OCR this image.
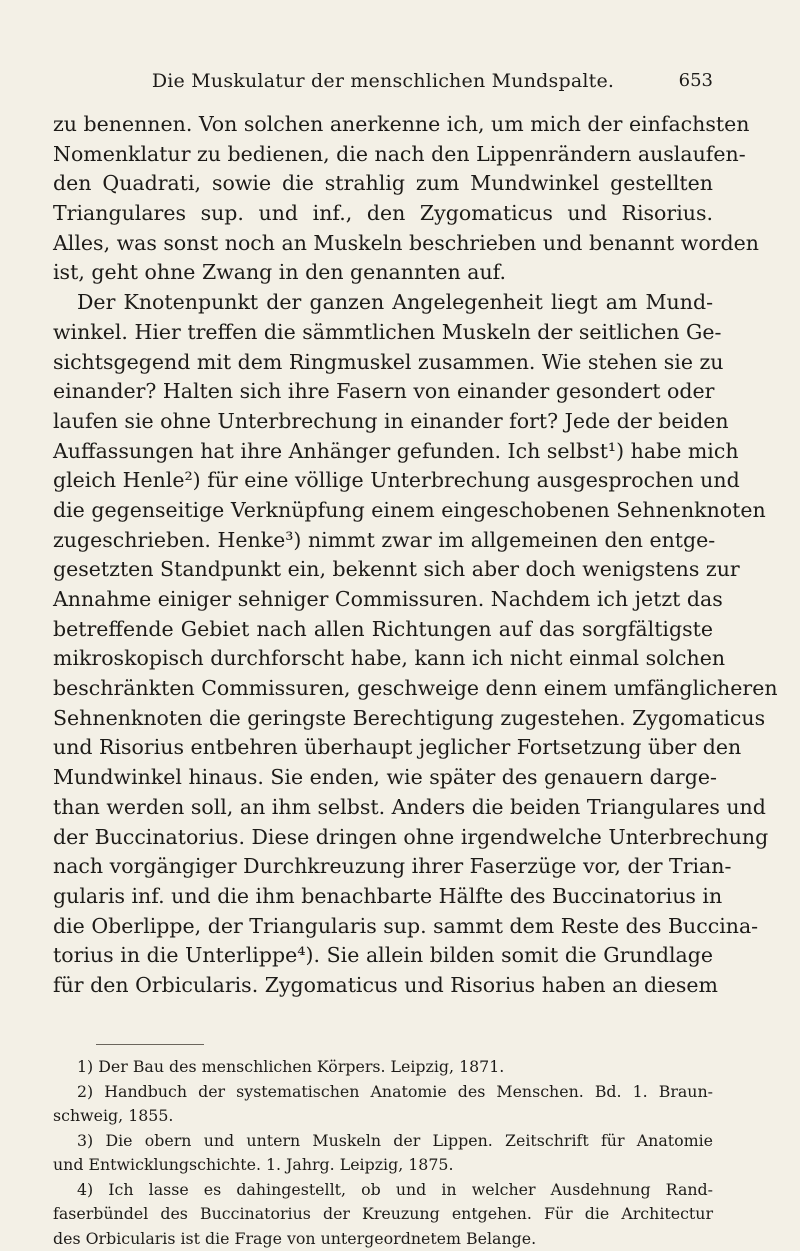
Die Muskulatur der menschlichen Mundspalte.	653
zu benennen. Von solchen anerkenne ich, um mich der einfachsten
Nomenklatur zu bedienen, die nach den Lippenrändern auslaufen-
den Quadrati, sowie die strahlig zum Mundwinkel gestellten
Triangulares sup. und inf., den Zygomaticus und Risorius.
Alles, was sonst noch an Muskeln beschrieben und benannt worden
ist, geht ohne Zwang in den genannten auf.
Der Knotenpunkt der ganzen Angelegenheit liegt am Mund-
winkel. Hier treffen die sämmtlichen Muskeln der seitlichen Ge-
sichtsgegend mit dem Ringmuskel zusammen. Wie stehen sie zu
einander? Halten sich ihre Fasern von einander gesondert oder
laufen sie ohne Unterbrechung in einander fort? Jede der beiden
Auffassungen hat ihre Anhänger gefunden. Ich selbst¹) habe mich
gleich Henle²) für eine völlige Unterbrechung ausgesprochen und
die gegenseitige Verknüpfung einem eingeschobenen Sehnenknoten
zugeschrieben. Henke³) nimmt zwar im allgemeinen den entge-
gesetzten Standpunkt ein, bekennt sich aber doch wenigstens zur
Annahme einiger sehniger Commissuren. Nachdem ich jetzt das
betreffende Gebiet nach allen Richtungen auf das sorgfältigste
mikroskopisch durchforscht habe, kann ich nicht einmal solchen
beschränkten Commissuren, geschweige denn einem umfänglicheren
Sehnenknoten die geringste Berechtigung zugestehen. Zygomaticus
und Risorius entbehren überhaupt jeglicher Fortsetzung über den
Mundwinkel hinaus. Sie enden, wie später des genauern darge-
than werden soll, an ihm selbst. Anders die beiden Triangulares und
der Buccinatorius. Diese dringen ohne irgendwelche Unterbrechung
nach vorgängiger Durchkreuzung ihrer Faserzüge vor, der Trian-
gularis inf. und die ihm benachbarte Hälfte des Buccinatorius in
die Oberlippe, der Triangularis sup. sammt dem Reste des Buccina-
torius in die Unterlippe⁴). Sie allein bilden somit die Grundlage
für den Orbicularis. Zygomaticus und Risorius haben an diesem
1) Der Bau des menschlichen Körpers. Leipzig, 1871.
2) Handbuch der systematischen Anatomie des Menschen. Bd. 1. Braun-
schweig, 1855.
3) Die obern und untern Muskeln der Lippen. Zeitschrift für Anatomie
und Entwicklungschichte. 1. Jahrg. Leipzig, 1875.
4) Ich lasse es dahingestellt, ob und in welcher Ausdehnung Rand-
faserbündel des Buccinatorius der Kreuzung entgehen. Für die Architectur
des Orbicularis ist die Frage von untergeordnetem Belange.
